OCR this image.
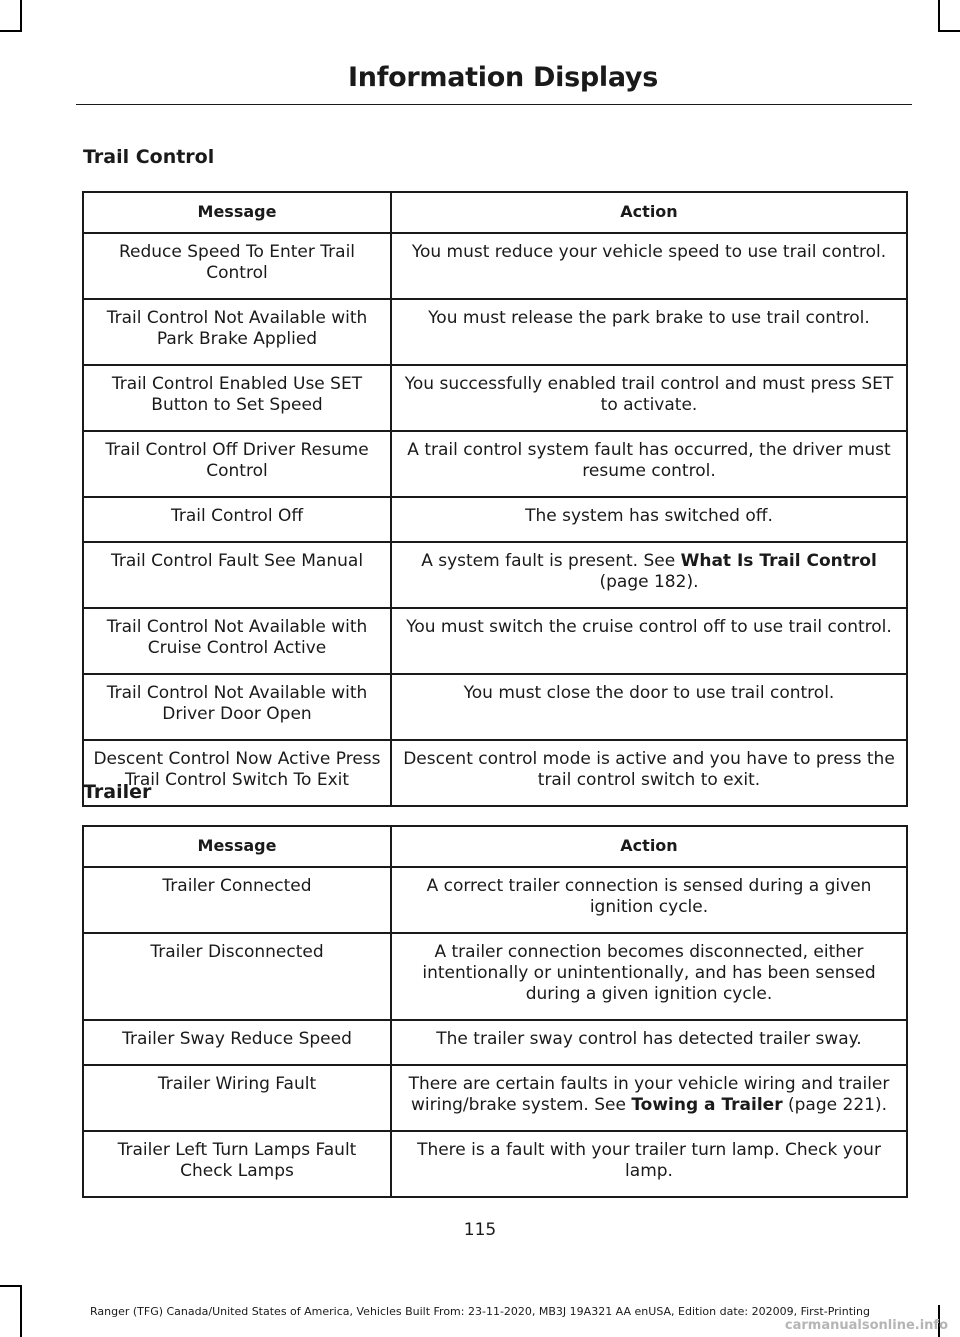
Information Displays
Trail Control
Message	Action
Reduce Speed To Enter Trail Control	You must reduce your vehicle speed to use trail control.
Trail Control Not Available with Park Brake Applied	You must release the park brake to use trail control.
Trail Control Enabled Use SET Button to Set Speed	You successfully enabled trail control and must press SET to activate.
Trail Control Off Driver Resume Control	A trail control system fault has occurred, the driver must resume control.
Trail Control Off	The system has switched off.
Trail Control Fault See Manual	A system fault is present. See What Is Trail Control (page 182).
Trail Control Not Available with Cruise Control Active	You must switch the cruise control off to use trail control.
Trail Control Not Available with Driver Door Open	You must close the door to use trail control.
Descent Control Now Active Press Trail Control Switch To Exit	Descent control mode is active and you have to press the trail control switch to exit.
Trailer
Message	Action
Trailer Connected	A correct trailer connection is sensed during a given ignition cycle.
Trailer Disconnected	A trailer connection becomes disconnected, either intentionally or unintentionally, and has been sensed during a given ignition cycle.
Trailer Sway Reduce Speed	The trailer sway control has detected trailer sway.
Trailer Wiring Fault	There are certain faults in your vehicle wiring and trailer wiring/brake system. See Towing a Trailer (page 221).
Trailer Left Turn Lamps Fault Check Lamps	There is a fault with your trailer turn lamp. Check your lamp.
115
Ranger (TFG) Canada/United States of America, Vehicles Built From: 23-11-2020, MB3J 19A321 AA enUSA, Edition date: 202009, First-Printing
carmanualsonline.info
